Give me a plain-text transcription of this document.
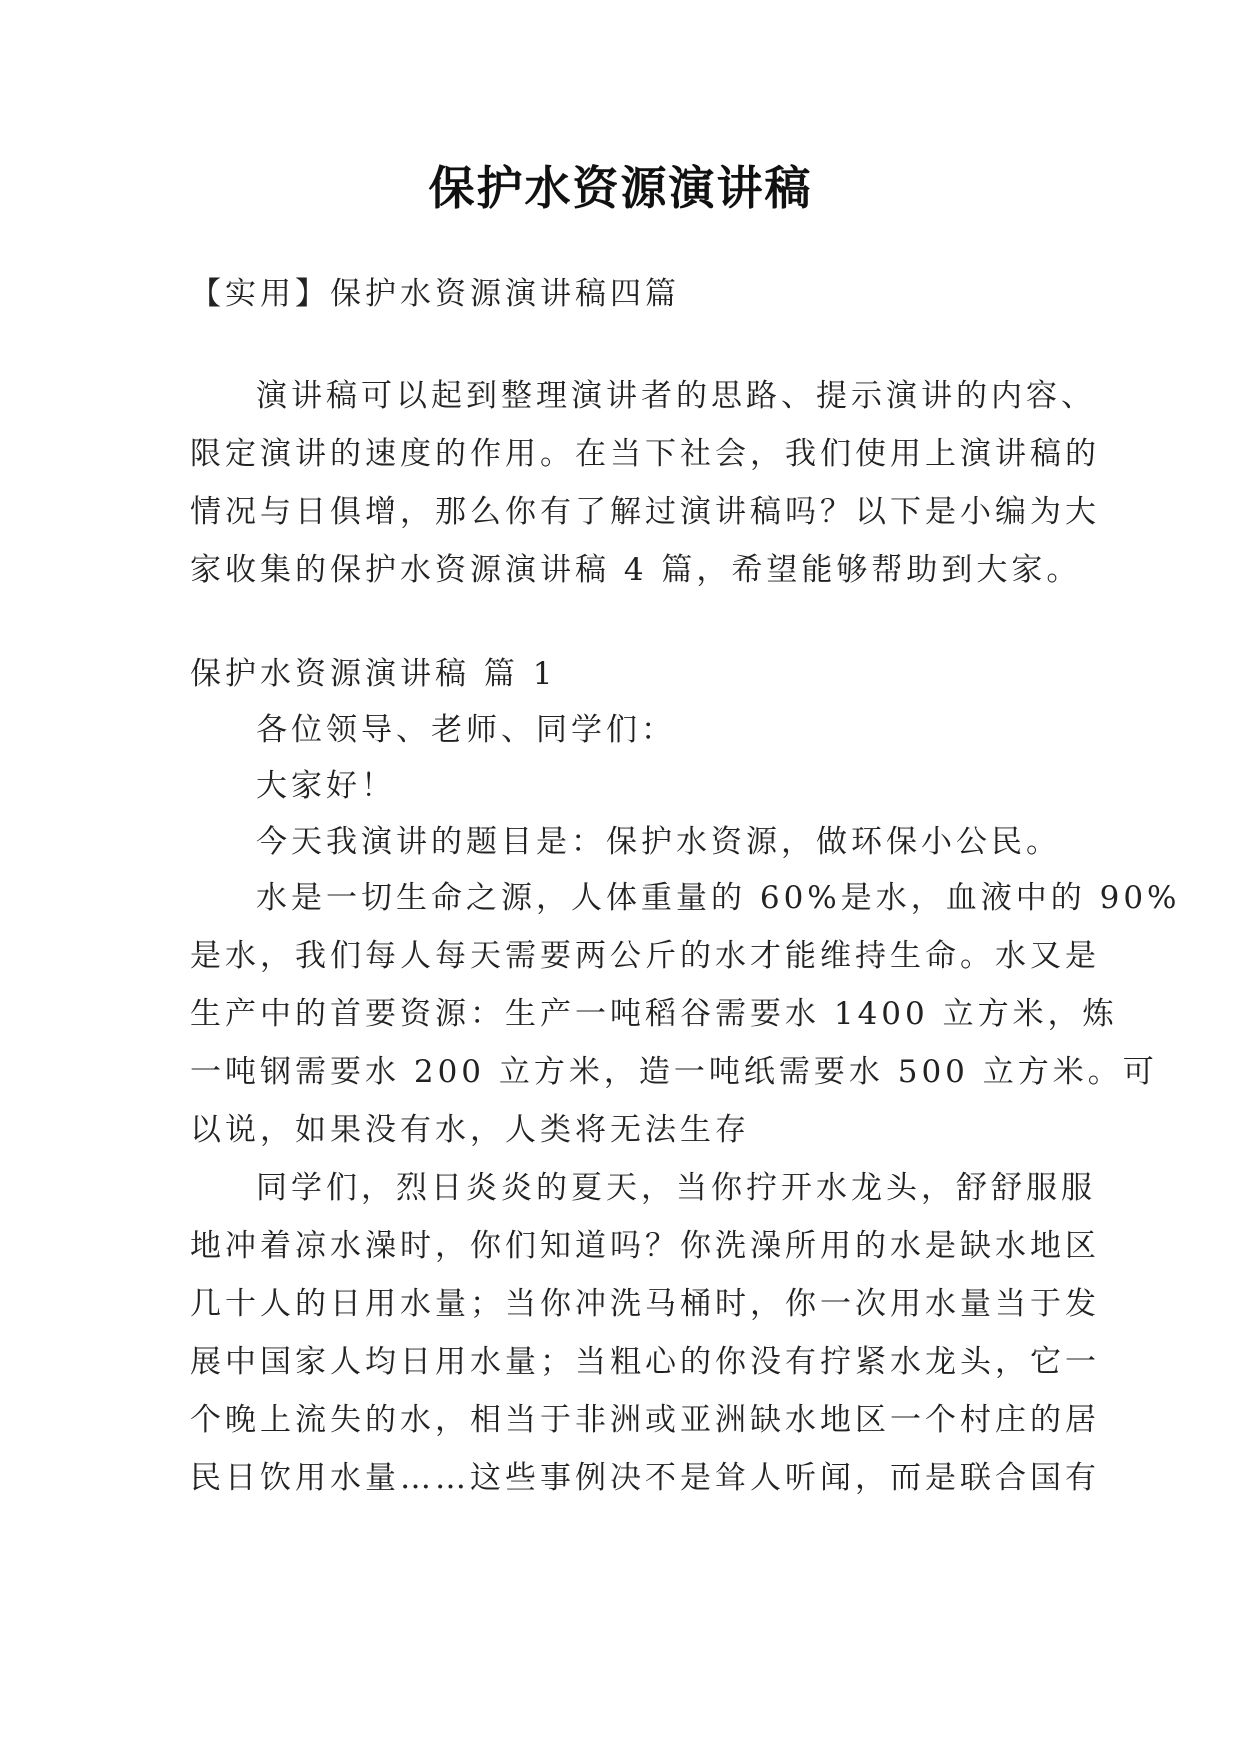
保护水资源演讲稿
【实用】保护水资源演讲稿四篇
演讲稿可以起到整理演讲者的思路、提示演讲的内容、
限定演讲的速度的作用。在当下社会，我们使用上演讲稿的
情况与日俱增，那么你有了解过演讲稿吗？以下是小编为大
家收集的保护水资源演讲稿 4 篇，希望能够帮助到大家。
保护水资源演讲稿 篇 1
各位领导、老师、同学们：
大家好！
今天我演讲的题目是：保护水资源，做环保小公民。
水是一切生命之源，人体重量的 60%是水，血液中的 90%
是水，我们每人每天需要两公斤的水才能维持生命。水又是
生产中的首要资源：生产一吨稻谷需要水 1400 立方米，炼
一吨钢需要水 200 立方米，造一吨纸需要水 500 立方米。可
以说，如果没有水，人类将无法生存
同学们，烈日炎炎的夏天，当你拧开水龙头，舒舒服服
地冲着凉水澡时，你们知道吗？你洗澡所用的水是缺水地区
几十人的日用水量；当你冲洗马桶时，你一次用水量当于发
展中国家人均日用水量；当粗心的你没有拧紧水龙头，它一
个晚上流失的水，相当于非洲或亚洲缺水地区一个村庄的居
民日饮用水量……这些事例决不是耸人听闻，而是联合国有
